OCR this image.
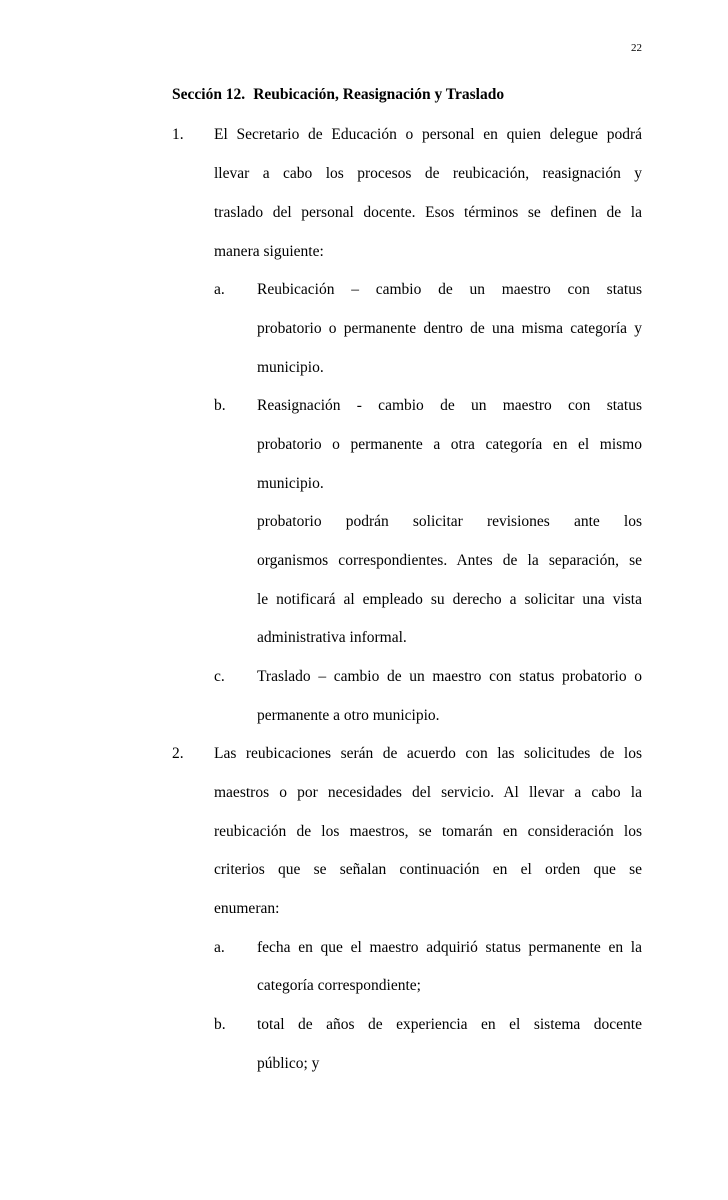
22
Sección 12. Reubicación, Reasignación y Traslado
1. El Secretario de Educación o personal en quien delegue podrá
llevar a cabo los procesos de reubicación, reasignación y
traslado del personal docente. Esos términos se definen de la
manera siguiente:
a. Reubicación – cambio de un maestro con status
probatorio o permanente dentro de una misma categoría y
municipio.
b. Reasignación - cambio de un maestro con status
probatorio o permanente a otra categoría en el mismo
municipio.
probatorio podrán solicitar revisiones ante los
organismos correspondientes. Antes de la separación, se
le notificará al empleado su derecho a solicitar una vista
administrativa informal.
c. Traslado – cambio de un maestro con status probatorio o
permanente a otro municipio.
2. Las reubicaciones serán de acuerdo con las solicitudes de los
maestros o por necesidades del servicio. Al llevar a cabo la
reubicación de los maestros, se tomarán en consideración los
criterios que se señalan continuación en el orden que se
enumeran:
a. fecha en que el maestro adquirió status permanente en la
categoría correspondiente;
b. total de años de experiencia en el sistema docente
público; y
